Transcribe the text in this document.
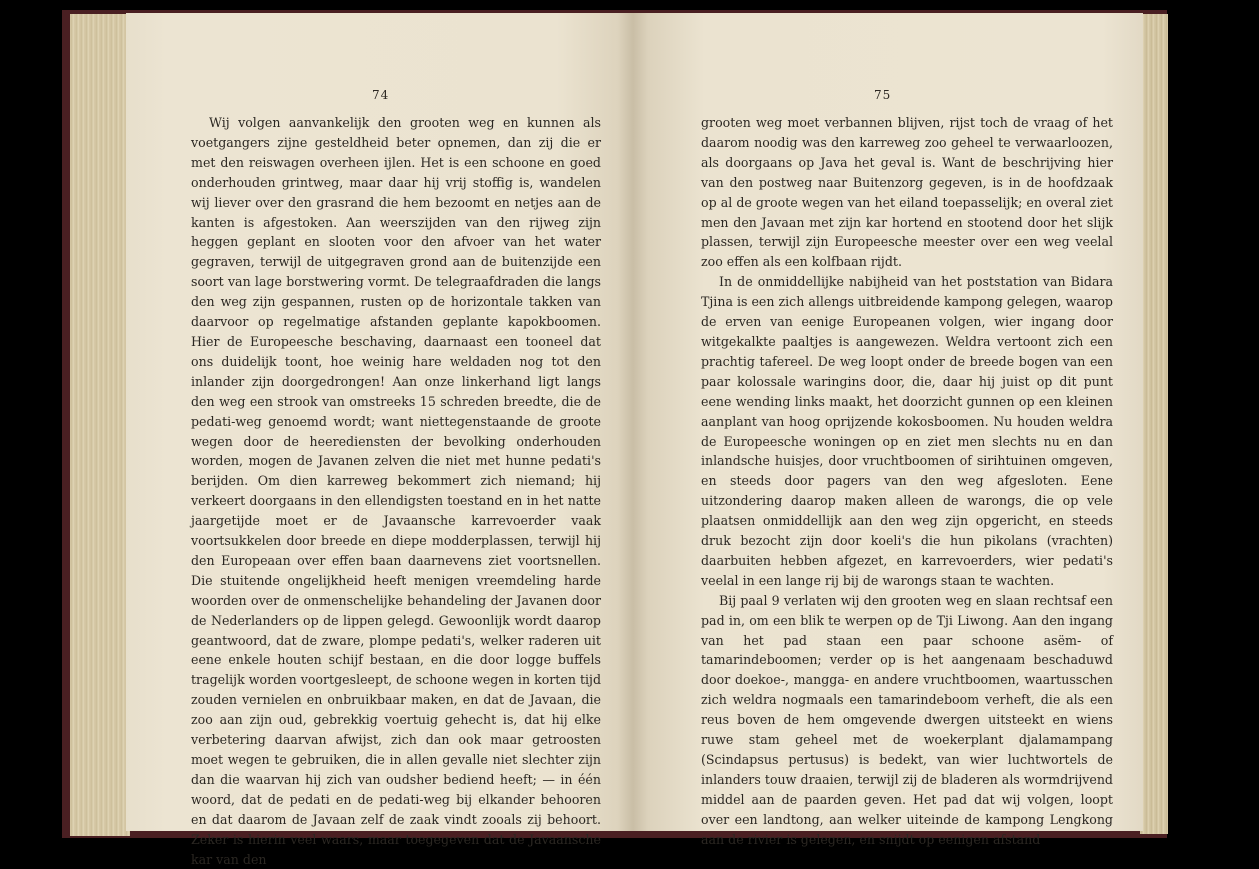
74

Wij volgen aanvankelijk den grooten weg en kunnen als voetgangers zijne gesteldheid beter opnemen, dan zij die er met den reiswagen overheen ijlen. Het is een schoone en goed onderhouden grintweg, maar daar hij vrij stoffig is, wandelen wij liever over den grasrand die hem bezoomt en netjes aan de kanten is afgestoken. Aan weerszijden van den rijweg zijn heggen geplant en slooten voor den afvoer van het water gegraven, terwijl de uitgegraven grond aan de buitenzijde een soort van lage borstwering vormt. De telegraafdraden die langs den weg zijn gespannen, rusten op de horizontale takken van daarvoor op regelmatige afstanden geplante kapokboomen. Hier de Europeesche beschaving, daarnaast een tooneel dat ons duidelijk toont, hoe weinig hare weldaden nog tot den inlander zijn doorgedrongen! Aan onze linkerhand ligt langs den weg een strook van omstreeks 15 schreden breedte, die de pedati-weg genoemd wordt; want niettegenstaande de groote wegen door de heerediensten der bevolking onderhouden worden, mogen de Javanen zelven die niet met hunne pedati's berijden. Om dien karreweg bekommert zich niemand; hij verkeert doorgaans in den ellendigsten toestand en in het natte jaargetijde moet er de Javaansche karrevoerder vaak voortsukkelen door breede en diepe modderplassen, terwijl hij den Europeaan over effen baan daarnevens ziet voortsnellen. Die stuitende ongelijkheid heeft menigen vreemdeling harde woorden over de onmenschelijke behandeling der Javanen door de Nederlanders op de lippen gelegd. Gewoonlijk wordt daarop geantwoord, dat de zware, plompe pedati's, welker raderen uit eene enkele houten schijf bestaan, en die door logge buffels tragelijk worden voortgesleept, de schoone wegen in korten tijd zouden vernielen en onbruikbaar maken, en dat de Javaan, die zoo aan zijn oud, gebrekkig voertuig gehecht is, dat hij elke verbetering daarvan afwijst, zich dan ook maar getroosten moet wegen te gebruiken, die in allen gevalle niet slechter zijn dan die waarvan hij zich van oudsher bediend heeft; — in één woord, dat de pedati en de pedati-weg bij elkander behooren en dat daarom de Javaan zelf de zaak vindt zooals zij behoort. Zeker is hierin veel waars, maar toegegeven dat de Javaansche kar van den

75

grooten weg moet verbannen blijven, rijst toch de vraag of het daarom noodig was den karreweg zoo geheel te verwaarloozen, als doorgaans op Java het geval is. Want de beschrijving hier van den postweg naar Buitenzorg gegeven, is in de hoofdzaak op al de groote wegen van het eiland toepasselijk; en overal ziet men den Javaan met zijn kar hortend en stootend door het slijk plassen, terwijl zijn Europeesche meester over een weg veelal zoo effen als een kolfbaan rijdt.

In de onmiddellijke nabijheid van het poststation van Bidara Tjina is een zich allengs uitbreidende kampong gelegen, waarop de erven van eenige Europeanen volgen, wier ingang door witgekalkte paaltjes is aangewezen. Weldra vertoont zich een prachtig tafereel. De weg loopt onder de breede bogen van een paar kolossale waringins door, die, daar hij juist op dit punt eene wending links maakt, het doorzicht gunnen op een kleinen aanplant van hoog oprijzende kokosboomen. Nu houden weldra de Europeesche woningen op en ziet men slechts nu en dan inlandsche huisjes, door vruchtboomen of sirihtuinen omgeven, en steeds door pagers van den weg afgesloten. Eene uitzondering daarop maken alleen de warongs, die op vele plaatsen onmiddellijk aan den weg zijn opgericht, en steeds druk bezocht zijn door koeli's die hun pikolans (vrachten) daarbuiten hebben afgezet, en karrevoerders, wier pedati's veelal in een lange rij bij de warongs staan te wachten.

Bij paal 9 verlaten wij den grooten weg en slaan rechtsaf een pad in, om een blik te werpen op de Tji Liwong. Aan den ingang van het pad staan een paar schoone asëm- of tamarindeboomen; verder op is het aangenaam beschaduwd door doekoe-, mangga- en andere vruchtboomen, waartusschen zich weldra nogmaals een tamarindeboom verheft, die als een reus boven de hem omgevende dwergen uitsteekt en wiens ruwe stam geheel met de woekerplant djalamampang (Scindapsus pertusus) is bedekt, van wier luchtwortels de inlanders touw draaien, terwijl zij de bladeren als wormdrijvend middel aan de paarden geven. Het pad dat wij volgen, loopt over een landtong, aan welker uiteinde de kampong Lengkong aan de rivier is gelegen, en snijdt op eenigen afstand
